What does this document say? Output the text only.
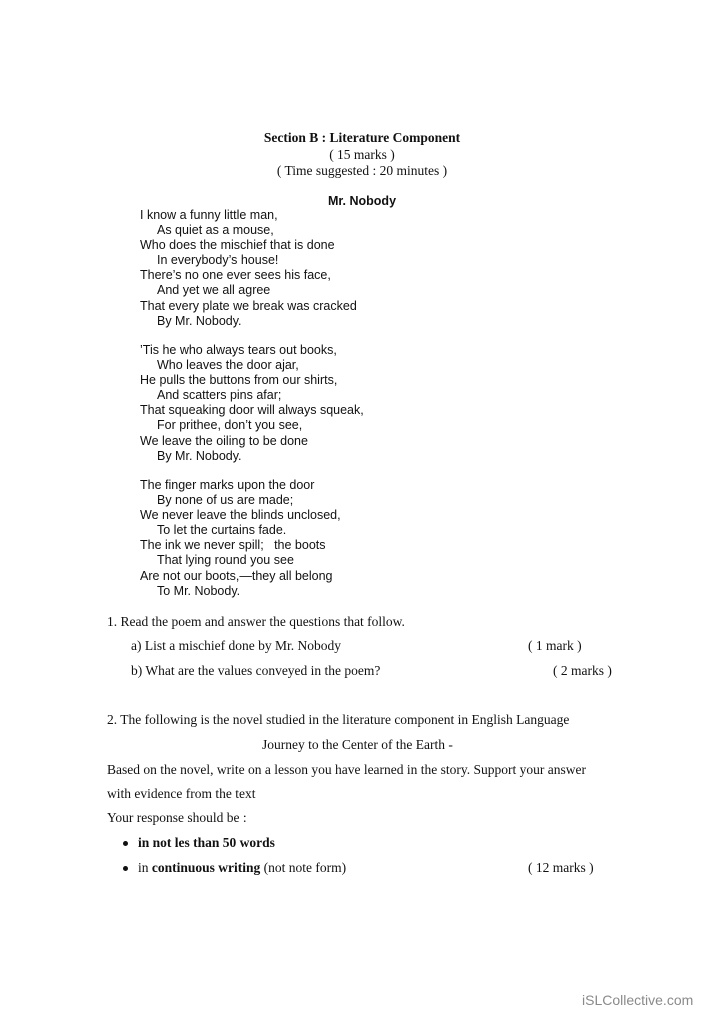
Section B : Literature Component
( 15 marks )
( Time suggested : 20 minutes )
Mr. Nobody
I know a funny little man,
As quiet as a mouse,
Who does the mischief that is done
In everybody’s house!
There’s no one ever sees his face,
And yet we all agree
That every plate we break was cracked
By Mr. Nobody.
’Tis he who always tears out books,
Who leaves the door ajar,
He pulls the buttons from our shirts,
And scatters pins afar;
That squeaking door will always squeak,
For prithee, don’t you see,
We leave the oiling to be done
By Mr. Nobody.
The finger marks upon the door
By none of us are made;
We never leave the blinds unclosed,
To let the curtains fade.
The ink we never spill;   the boots
That lying round you see
Are not our boots,—they all belong
To Mr. Nobody.
1. Read the poem and answer the questions that follow.
a) List a mischief done by Mr. Nobody	( 1 mark )
b) What are the values conveyed in the poem?	( 2 marks )
2. The following is the novel studied in the literature component in English Language
Journey to the Center of the Earth -
Based on the novel, write on a lesson you have learned in the story. Support your answer
with evidence from the text
Your response should be :
in not les than 50 words
in continuous writing (not note form)	( 12 marks )
iSLCollective.com
